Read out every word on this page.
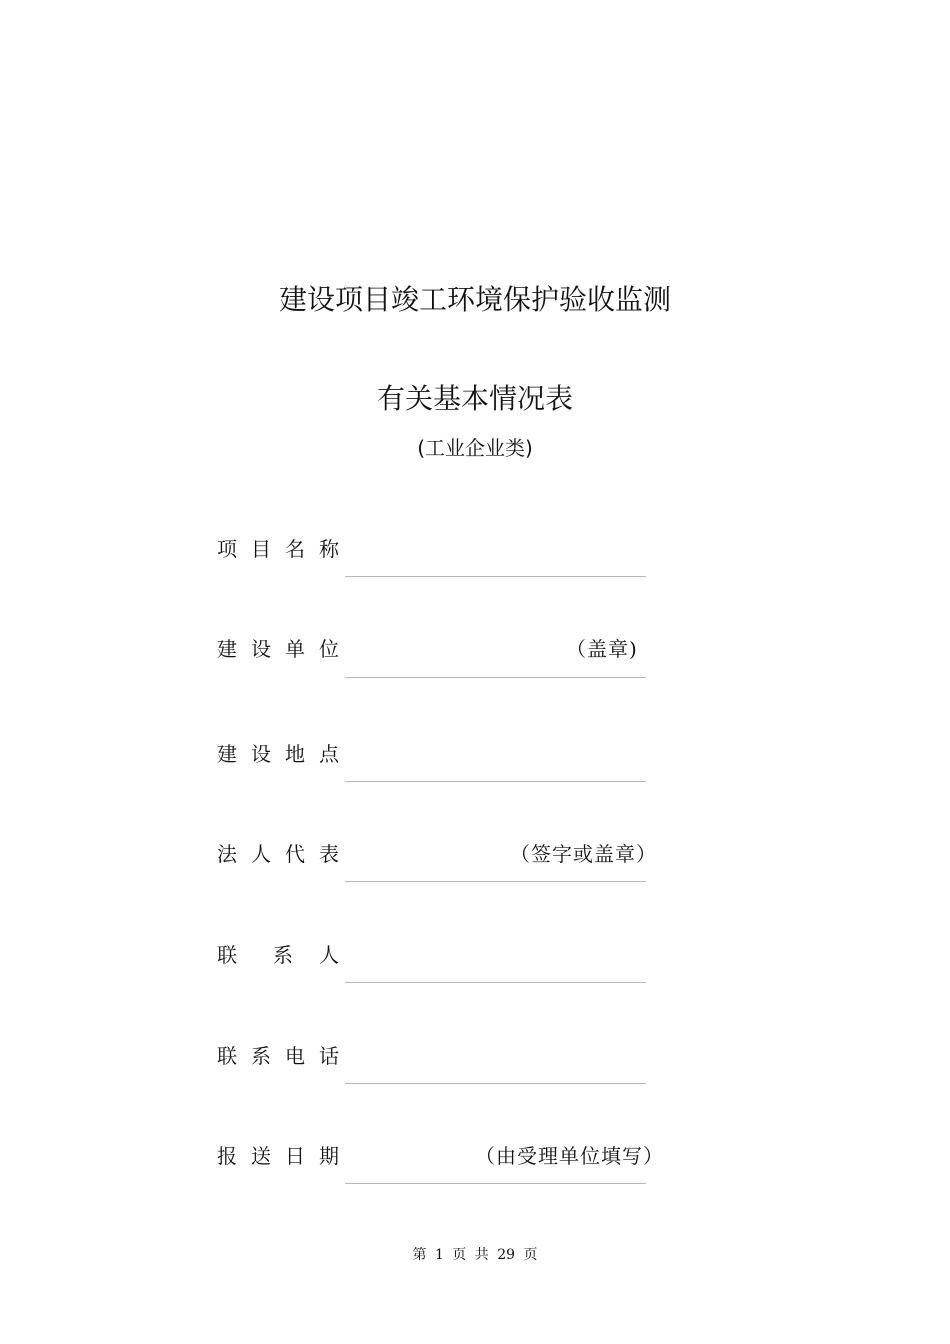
建设项目竣工环境保护验收监测
有关基本情况表
(工业企业类)
项 目 名 称
建 设 单 位	（盖章)
建 设 地 点
法 人 代 表	（签字或盖章）
联 系 人
联 系 电 话
报 送 日 期	（由受理单位填写）
第 1 页 共 29 页
